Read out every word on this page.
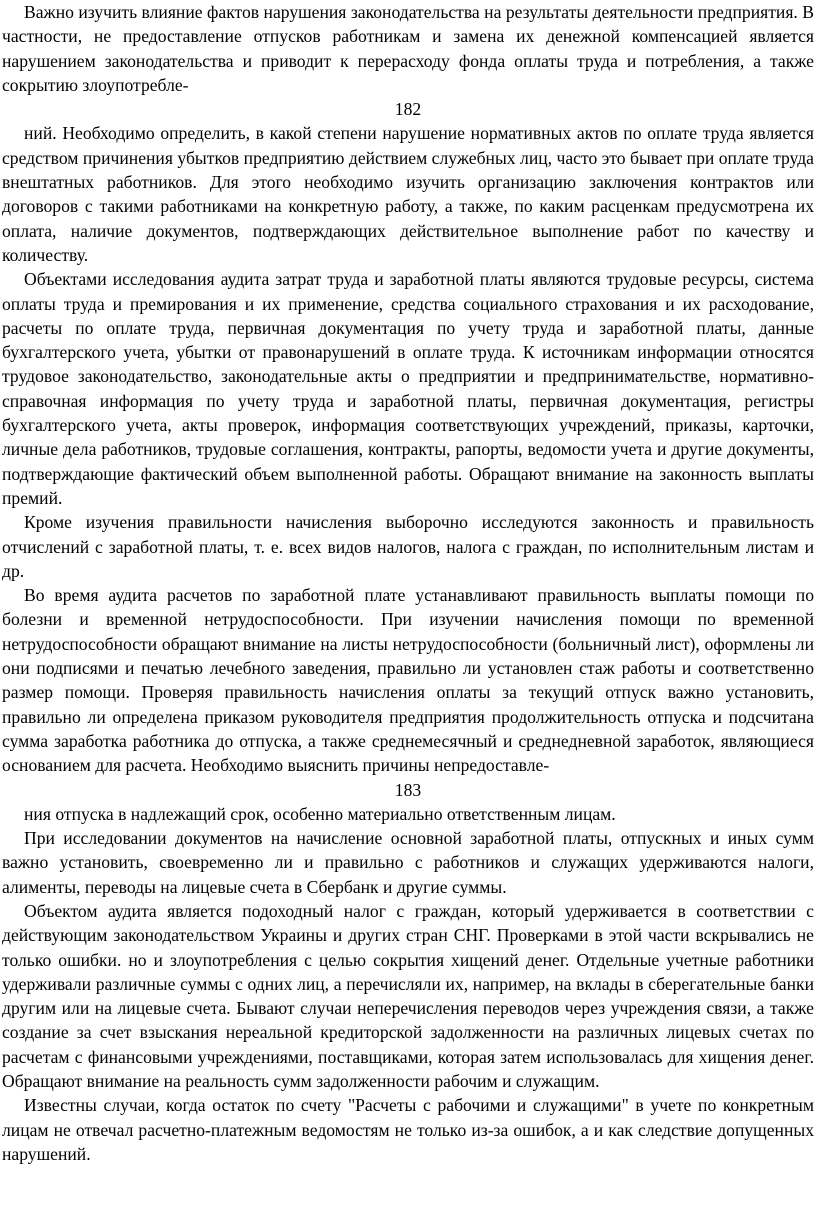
Важно изучить влияние фактов нарушения законодательства на результаты деятельности предприятия. В частности, не предоставление отпусков работникам и замена их денежной компенсацией является нарушением законодательства и приводит к перерасходу фонда оплаты труда и потребления, а также сокрытию злоупотребле-

182

ний. Необходимо определить, в какой степени нарушение нормативных актов по оплате труда является средством причинения убытков предприятию действием служебных лиц, часто это бывает при оплате труда внештатных работников. Для этого необходимо изучить организацию заключения контрактов или договоров с такими работниками на конкретную работу, а также, по каким расценкам предусмотрена их оплата, наличие документов, подтверждающих действительное выполнение работ по качеству и количеству.

Объектами исследования аудита затрат труда и заработной платы являются трудовые ресурсы, система оплаты труда и премирования и их применение, средства социального страхования и их расходование, расчеты по оплате труда, первичная документация по учету труда и заработной платы, данные бухгалтерского учета, убытки от правонарушений в оплате труда. К источникам информации относятся трудовое законодательство, законодательные акты о предприятии и предпринимательстве, нормативно-справочная информация по учету труда и заработной платы, первичная документация, регистры бухгалтерского учета, акты проверок, информация соответствующих учреждений, приказы, карточки, личные дела работников, трудовые соглашения, контракты, рапорты, ведомости учета и другие документы, подтверждающие фактический объем выполненной работы. Обращают внимание на законность выплаты премий.

Кроме изучения правильности начисления выборочно исследуются законность и правильность отчислений с заработной платы, т. е. всех видов налогов, налога с граждан, по исполнительным листам и др.

Во время аудита расчетов по заработной плате устанавливают правильность выплаты помощи по болезни и временной нетрудоспособности. При изучении начисления помощи по временной нетрудоспособности обращают внимание на листы нетрудоспособности (больничный лист), оформлены ли они подписями и печатью лечебного заведения, правильно ли установлен стаж работы и соответственно размер помощи. Проверяя правильность начисления оплаты за текущий отпуск важно установить, правильно ли определена приказом руководителя предприятия продолжительность отпуска и подсчитана сумма заработка работника до отпуска, а также среднемесячный и среднедневной заработок, являющиеся основанием для расчета. Необходимо выяснить причины непредоставле-

183

ния отпуска в надлежащий срок, особенно материально ответственным лицам.

При исследовании документов на начисление основной заработной платы, отпускных и иных сумм важно установить, своевременно ли и правильно с работников и служащих удерживаются налоги, алименты, переводы на лицевые счета в Сбербанк и другие суммы.

Объектом аудита является подоходный налог с граждан, который удерживается в соответствии с действующим законодательством Украины и других стран СНГ. Проверками в этой части вскрывались не только ошибки. но и злоупотребления с целью сокрытия хищений денег. Отдельные учетные работники удерживали различные суммы с одних лиц, а перечисляли их, например, на вклады в сберегательные банки другим или на лицевые счета. Бывают случаи неперечисления переводов через учреждения связи, а также создание за счет взыскания нереальной кредиторской задолженности на различных лицевых счетах по расчетам с финансовыми учреждениями, поставщиками, которая затем использовалась для хищения денег. Обращают внимание на реальность сумм задолженности рабочим и служащим.

Известны случаи, когда остаток по счету "Расчеты с рабочими и служащими" в учете по конкретным лицам не отвечал расчетно-платежным ведомостям не только из-за ошибок, а и как следствие допущенных нарушений.
